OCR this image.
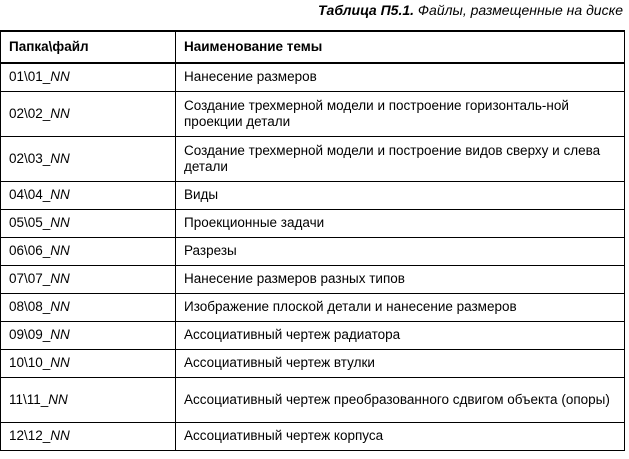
Таблица П5.1. Файлы, размещенные на диске
Папка\файл	Наименование темы
01\01_NN	Нанесение размеров
02\02_NN	Создание трехмерной модели и построение горизонталь-ной проекции детали
02\03_NN	Создание трехмерной модели и построение видов сверху и слева детали
04\04_NN	Виды
05\05_NN	Проекционные задачи
06\06_NN	Разрезы
07\07_NN	Нанесение размеров разных типов
08\08_NN	Изображение плоской детали и нанесение размеров
09\09_NN	Ассоциативный чертеж радиатора
10\10_NN	Ассоциативный чертеж втулки
11\11_NN	Ассоциативный чертеж преобразованного сдвигом объекта (опоры)
12\12_NN	Ассоциативный чертеж корпуса
